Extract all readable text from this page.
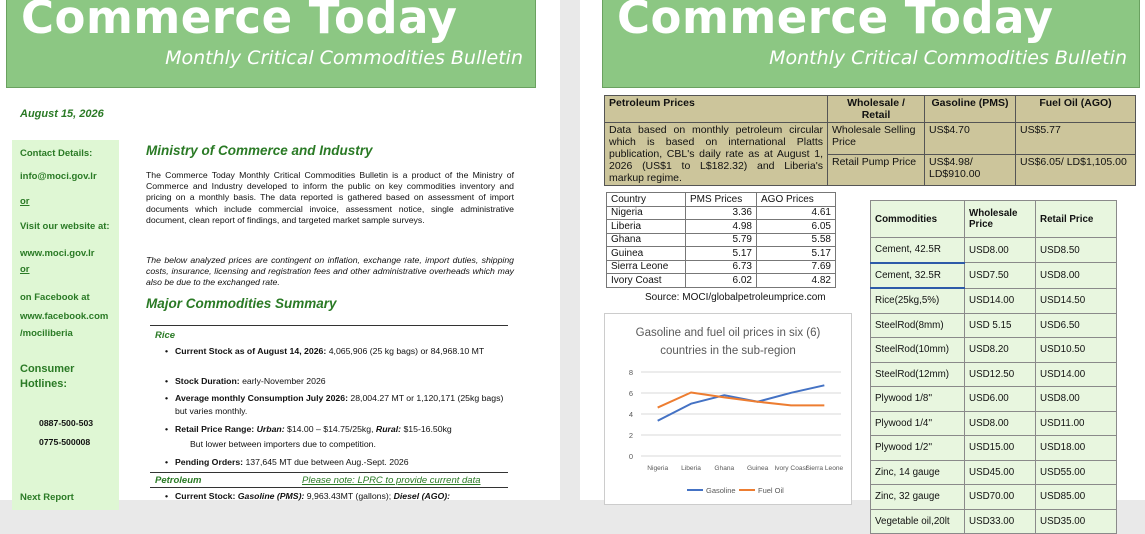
Commerce Today
Monthly Critical Commodities Bulletin
August 15, 2026
Contact Details:
info@moci.gov.lr
or
Visit our website at:
www.moci.gov.lr
or
on Facebook at
www.facebook.com
/mociliberia
Consumer
Hotlines:
0887-500-503
0775-500008
Next Report
Ministry of Commerce and Industry
The Commerce Today Monthly Critical Commodities Bulletin is a product of the Ministry of Commerce and Industry developed to inform the public on key commodities inventory and pricing on a monthly basis. The data reported is gathered based on assessment of import documents which include commercial invoice, assessment notice, single administrative document, clean report of findings, and targeted market sample surveys.
The below analyzed prices are contingent on inflation, exchange rate, import duties, shipping costs, insurance, licensing and registration fees and other administrative overheads which may also be due to the exchanged rate.
Major Commodities Summary
Rice
• Current Stock as of August 14, 2026: 4,065,906 (25 kg bags) or 84,968.10 MT
• Stock Duration: early-November 2026
• Average monthly Consumption July 2026: 28,004.27 MT or 1,120,171 (25kg bags) but varies monthly.
• Retail Price Range: Urban: $14.00 – $14.75/25kg, Rural: $15-16.50kg
But lower between importers due to competition.
• Pending Orders: 137,645 MT due between Aug.-Sept. 2026
Petroleum	Please note: LPRC to provide current data
• Current Stock: Gasoline (PMS): 9,963.43MT (gallons); Diesel (AGO):
Commerce Today
Monthly Critical Commodities Bulletin
Petroleum Prices	Wholesale / Retail	Gasoline (PMS)	Fuel Oil (AGO)
Data based on monthly petroleum circular which is based on international Platts publication, CBL's daily rate as at August 1, 2026 (US$1 to L$182.32) and Liberia's markup regime.	Wholesale Selling Price	US$4.70	US$5.77
	Retail Pump Price	US$4.98/ LD$910.00	US$6.05/ LD$1,105.00
Country	PMS Prices	AGO Prices
Nigeria	3.36	4.61
Liberia	4.98	6.05
Ghana	5.79	5.58
Guinea	5.17	5.17
Sierra Leone	6.73	7.69
Ivory Coast	6.02	4.82
Source: MOCI/globalpetroleumprice.com
Gasoline and fuel oil prices in six (6)
countries in the sub-region
0
2
4
6
8
Nigeria Liberia Ghana Guinea Ivory Coast
Sierra Leone
Gasoline	Fuel Oil
Commodities	Wholesale Price	Retail Price
Cement, 42.5R	USD8.00	USD8.50
Cement, 32.5R	USD7.50	USD8.00
Rice(25kg,5%)	USD14.00	USD14.50
SteelRod(8mm)	USD 5.15	USD6.50
SteelRod(10mm)	USD8.20	USD10.50
SteelRod(12mm)	USD12.50	USD14.00
Plywood 1/8''	USD6.00	USD8.00
Plywood 1/4''	USD8.00	USD11.00
Plywood 1/2''	USD15.00	USD18.00
Zinc, 14 gauge	USD45.00	USD55.00
Zinc, 32 gauge	USD70.00	USD85.00
Vegetable oil,20lt	USD33.00	USD35.00
